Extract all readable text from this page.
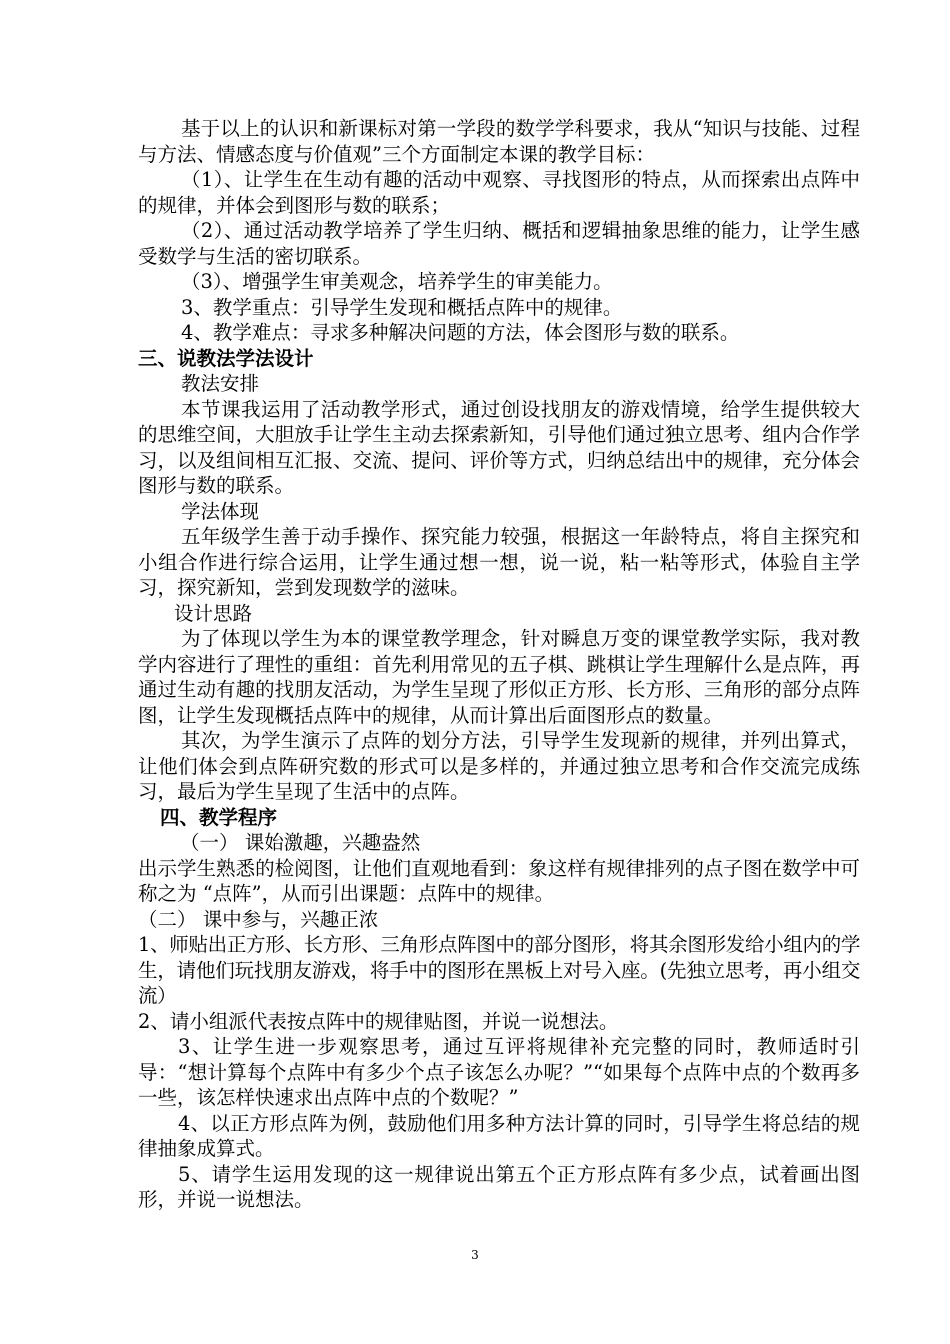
基于以上的认识和新课标对第一学段的数学学科要求，我从“知识与技能、过程与方法、情感态度与价值观”三个方面制定本课的教学目标：

（1）、让学生在生动有趣的活动中观察、寻找图形的特点，从而探索出点阵中的规律，并体会到图形与数的联系；

（2）、通过活动教学培养了学生归纳、概括和逻辑抽象思维的能力，让学生感受数学与生活的密切联系。

（3）、增强学生审美观念，培养学生的审美能力。

3、教学重点：引导学生发现和概括点阵中的规律。

4、教学难点：寻求多种解决问题的方法，体会图形与数的联系。

三、说教法学法设计

教法安排

本节课我运用了活动教学形式，通过创设找朋友的游戏情境，给学生提供较大的思维空间，大胆放手让学生主动去探索新知，引导他们通过独立思考、组内合作学习，以及组间相互汇报、交流、提问、评价等方式，归纳总结出中的规律，充分体会图形与数的联系。

学法体现

五年级学生善于动手操作、探究能力较强，根据这一年龄特点，将自主探究和小组合作进行综合运用，让学生通过想一想，说一说，粘一粘等形式，体验自主学习，探究新知，尝到发现数学的滋味。

设计思路

为了体现以学生为本的课堂教学理念，针对瞬息万变的课堂教学实际，我对教学内容进行了理性的重组：首先利用常见的五子棋、跳棋让学生理解什么是点阵，再通过生动有趣的找朋友活动，为学生呈现了形似正方形、长方形、三角形的部分点阵图，让学生发现概括点阵中的规律，从而计算出后面图形点的数量。

其次，为学生演示了点阵的划分方法，引导学生发现新的规律，并列出算式，让他们体会到点阵研究数的形式可以是多样的，并通过独立思考和合作交流完成练习，最后为学生呈现了生活中的点阵。

四、教学程序

（一） 课始激趣，兴趣盎然

出示学生熟悉的检阅图，让他们直观地看到：象这样有规律排列的点子图在数学中可称之为 “点阵”，从而引出课题：点阵中的规律。

（二） 课中参与，兴趣正浓

1、师贴出正方形、长方形、三角形点阵图中的部分图形，将其余图形发给小组内的学生，请他们玩找朋友游戏，将手中的图形在黑板上对号入座。(先独立思考，再小组交流）

2、请小组派代表按点阵中的规律贴图，并说一说想法。

3、让学生进一步观察思考，通过互评将规律补充完整的同时，教师适时引导：“想计算每个点阵中有多少个点子该怎么办呢？”“如果每个点阵中点的个数再多一些，该怎样快速求出点阵中点的个数呢？”

4、以正方形点阵为例，鼓励他们用多种方法计算的同时，引导学生将总结的规律抽象成算式。

5、请学生运用发现的这一规律说出第五个正方形点阵有多少点，试着画出图形，并说一说想法。

3
